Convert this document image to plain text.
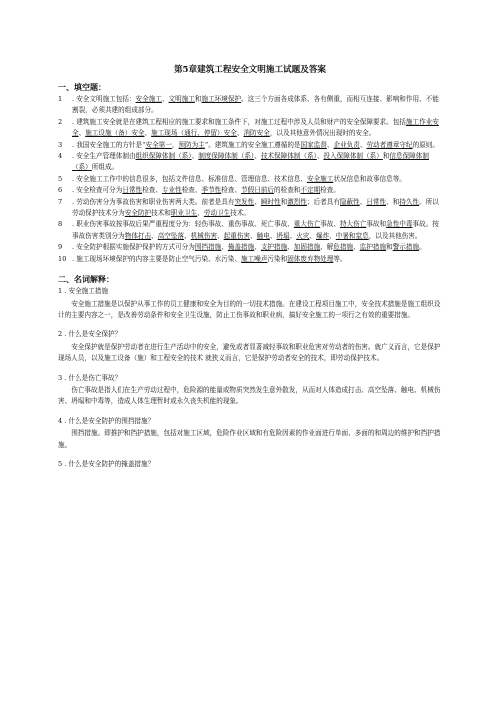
第5章建筑工程安全文明施工试题及答案
一、填空题：
1 . 安全文明施工包括：安全施工、文明施工和施工环境保护。这三个方面各成体系、各有侧重，而相互连接、影响和作用、不能割裂，必须共建的组成部分。
2 . 建筑施工安全就是在建筑工程相应的施工要求和施工条件下，对施工过程中涉及人员和财产的安全保障要求。包括施工作业安全、施工设施（备）安全、施工现场（通行、停留）安全、消防安全，以及其他意外情况出现时的安全。
3 . 我国安全施工的方针是“安全第一，预防为主”。建筑施工的安全施工遵循的是国家监督、企业负责、劳动者遵章守纪的原则。
4 . 安全生产管理体制由组织保障体制（系）、制度保障体制（系）、技术保障体制（系）、投入保障体制（系）和信息保障体制（系）所组成。
5 . 安全施工工作中的信息很多，包括文件信息、标准信息、管理信息、技术信息、安全施工状况信息和故事信息等。
6 . 安全检查可分为日常性检查、专业性检查、季节性检查、节假日前后的检查和不定期检查。
7 . 劳动伤害分为事故伤害和职业伤害两大类。前者是具有突发性、瞬时性和激烈性；后者具有隐蔽性、日常性、和持久性。所以劳动保护技术分为安全防护技术和职业卫生、劳动卫生技术。
8 . 职业伤害事故按事故后果严重程度分为：轻伤事故、重伤事故、死亡事故、重大伤亡事故、特大伤亡事故和急性中毒事故。按事故伤害类别分为物体打击、高空坠落、机械伤害、起重伤害、触电、坍塌、火灾、爆炸、中暑和窒息，以及其他伤害。
9 . 安全防护根据实施保护保护的方式可分为围挡措施、掩盖措施、支护措施、加固措施、解危措施、监护措施和警示措施。
10 . 施工现场环境保护的内容主要是防止空气污染、水污染、施工噪声污染和固体废弃物处理等。
二、名词解释：
1 . 安全施工措施
安全施工措施是以保护从事工作的员工健康和安全为目的的一切技术措施。在建设工程项目施工中，安全技术措施是施工组织设计的主要内容之一，是改善劳动条件和安全卫生设施，防止工伤事故和职业病，搞好安全施工的一项行之有效的重要措施。
2 . 什么是安全保护？
安全保护就是保护劳动者在进行生产活动中的安全，避免或者显著减轻事故和职业危害对劳动者的伤害。就广义而言，它是保护现场人员，以及施工设备（施）和工程安全的技术 就狭义而言，它是保护劳动者安全的技术，即劳动保护技术。
3 . 什么是伤亡事故？
伤亡事故是指人们在生产劳动过程中，危险源的能量或物质突然发生意外散发，从而对人体造成打击、高空坠落、触电、机械伤害、坍塌和中毒等，造成人体生理暂时或永久丧失机能的现象。
4 . 什么是安全防护的围挡措施？
围挡措施。即推护和挡护措施，包括对施工区域，危险作业区域和有危险因素的作业面进行单面、多面的和周边的维护和挡护措施。
5 . 什么是安全防护的掩盖措施？
